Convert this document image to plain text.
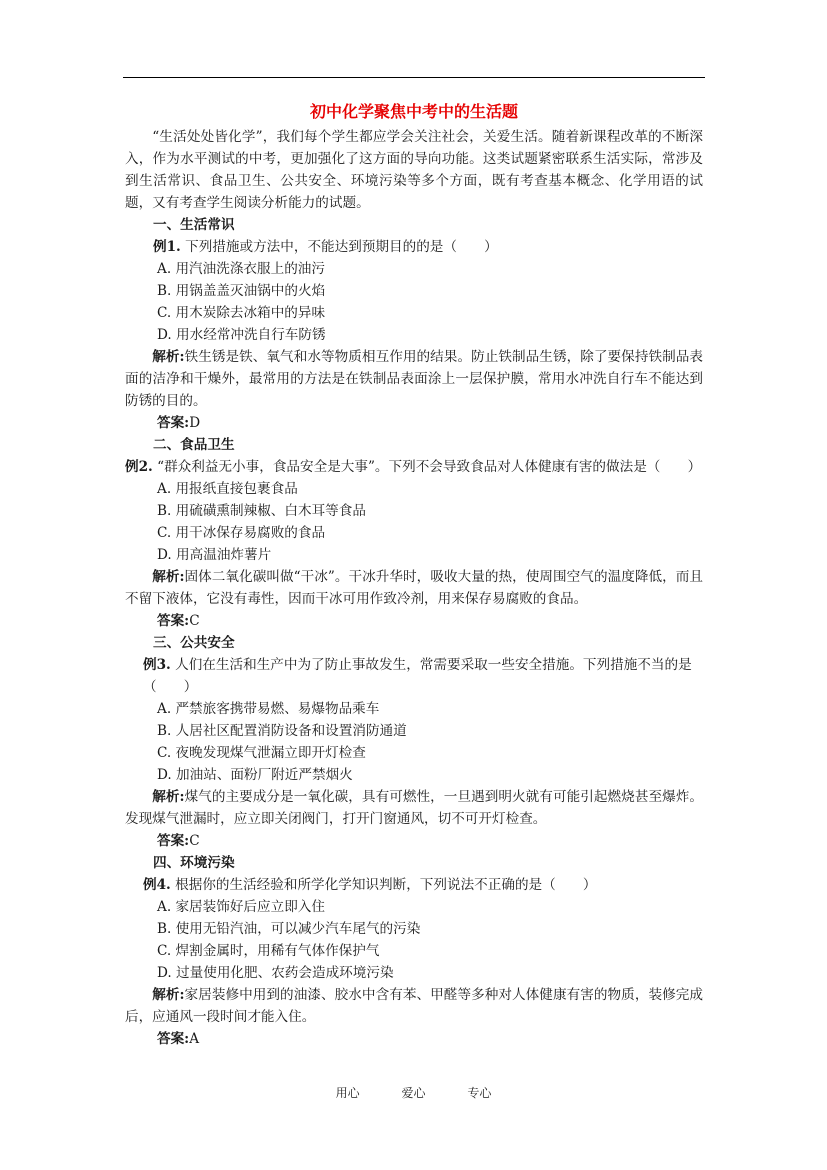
初中化学聚焦中考中的生活题

“生活处处皆化学”，我们每个学生都应学会关注社会，关爱生活。随着新课程改革的不断深入，作为水平测试的中考，更加强化了这方面的导向功能。这类试题紧密联系生活实际，常涉及到生活常识、食品卫生、公共安全、环境污染等多个方面，既有考查基本概念、化学用语的试题，又有考查学生阅读分析能力的试题。

一、生活常识

例1. 下列措施或方法中，不能达到预期目的的是（　　）

A. 用汽油洗涤衣服上的油污

B. 用锅盖盖灭油锅中的火焰

C. 用木炭除去冰箱中的异味

D. 用水经常冲洗自行车防锈

解析:铁生锈是铁、氧气和水等物质相互作用的结果。防止铁制品生锈，除了要保持铁制品表面的洁净和干燥外，最常用的方法是在铁制品表面涂上一层保护膜，常用水冲洗自行车不能达到防锈的目的。

答案:D

二、食品卫生

例2. “群众利益无小事，食品安全是大事”。下列不会导致食品对人体健康有害的做法是（　　）

A. 用报纸直接包裹食品

B. 用硫磺熏制辣椒、白木耳等食品

C. 用干冰保存易腐败的食品

D. 用高温油炸薯片

解析:固体二氧化碳叫做“干冰”。干冰升华时，吸收大量的热，使周围空气的温度降低，而且不留下液体，它没有毒性，因而干冰可用作致冷剂，用来保存易腐败的食品。

答案:C

三、公共安全

例3. 人们在生活和生产中为了防止事故发生，常需要采取一些安全措施。下列措施不当的是（　　）

A. 严禁旅客携带易燃、易爆物品乘车

B. 人居社区配置消防设备和设置消防通道

C. 夜晚发现煤气泄漏立即开灯检查

D. 加油站、面粉厂附近严禁烟火

解析:煤气的主要成分是一氧化碳，具有可燃性，一旦遇到明火就有可能引起燃烧甚至爆炸。发现煤气泄漏时，应立即关闭阀门，打开门窗通风，切不可开灯检查。

答案:C

四、环境污染

例4. 根据你的生活经验和所学化学知识判断，下列说法不正确的是（　　）

A. 家居装饰好后应立即入住

B. 使用无铅汽油，可以减少汽车尾气的污染

C. 焊割金属时，用稀有气体作保护气

D. 过量使用化肥、农药会造成环境污染

解析:家居装修中用到的油漆、胶水中含有苯、甲醛等多种对人体健康有害的物质，装修完成后，应通风一段时间才能入住。

答案:A

用心	爱心	专心
